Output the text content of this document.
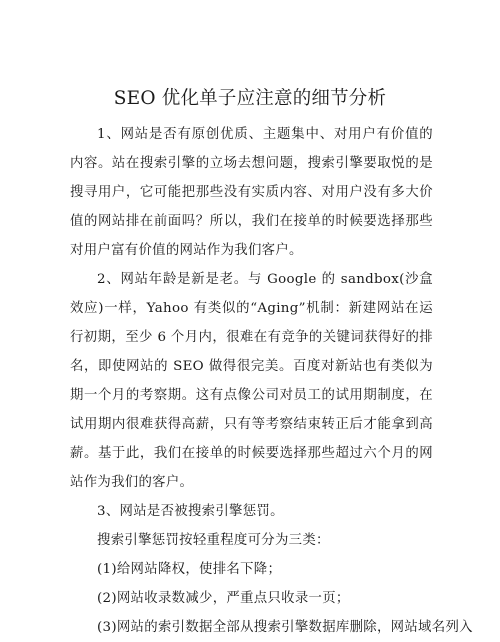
SEO 优化单子应注意的细节分析

1、网站是否有原创优质、主题集中、对用户有价值的内容。站在搜索引擎的立场去想问题，搜索引擎要取悦的是搜寻用户，它可能把那些没有实质内容、对用户没有多大价值的网站排在前面吗？所以，我们在接单的时候要选择那些对用户富有价值的网站作为我们客户。

2、网站年龄是新是老。与 Google 的 sandbox(沙盒效应)一样，Yahoo 有类似的“Aging”机制：新建网站在运行初期，至少 6 个月内，很难在有竞争的关键词获得好的排名，即使网站的 SEO 做得很完美。百度对新站也有类似为期一个月的考察期。这有点像公司对员工的试用期制度，在试用期内很难获得高薪，只有等考察结束转正后才能拿到高薪。基于此，我们在接单的时候要选择那些超过六个月的网站作为我们的客户。

3、网站是否被搜索引擎惩罚。

搜索引擎惩罚按轻重程度可分为三类：

(1)给网站降权，使排名下降；

(2)网站收录数减少，严重点只收录一页；

(3)网站的索引数据全部从搜索引擎数据库删除，网站域名列入
